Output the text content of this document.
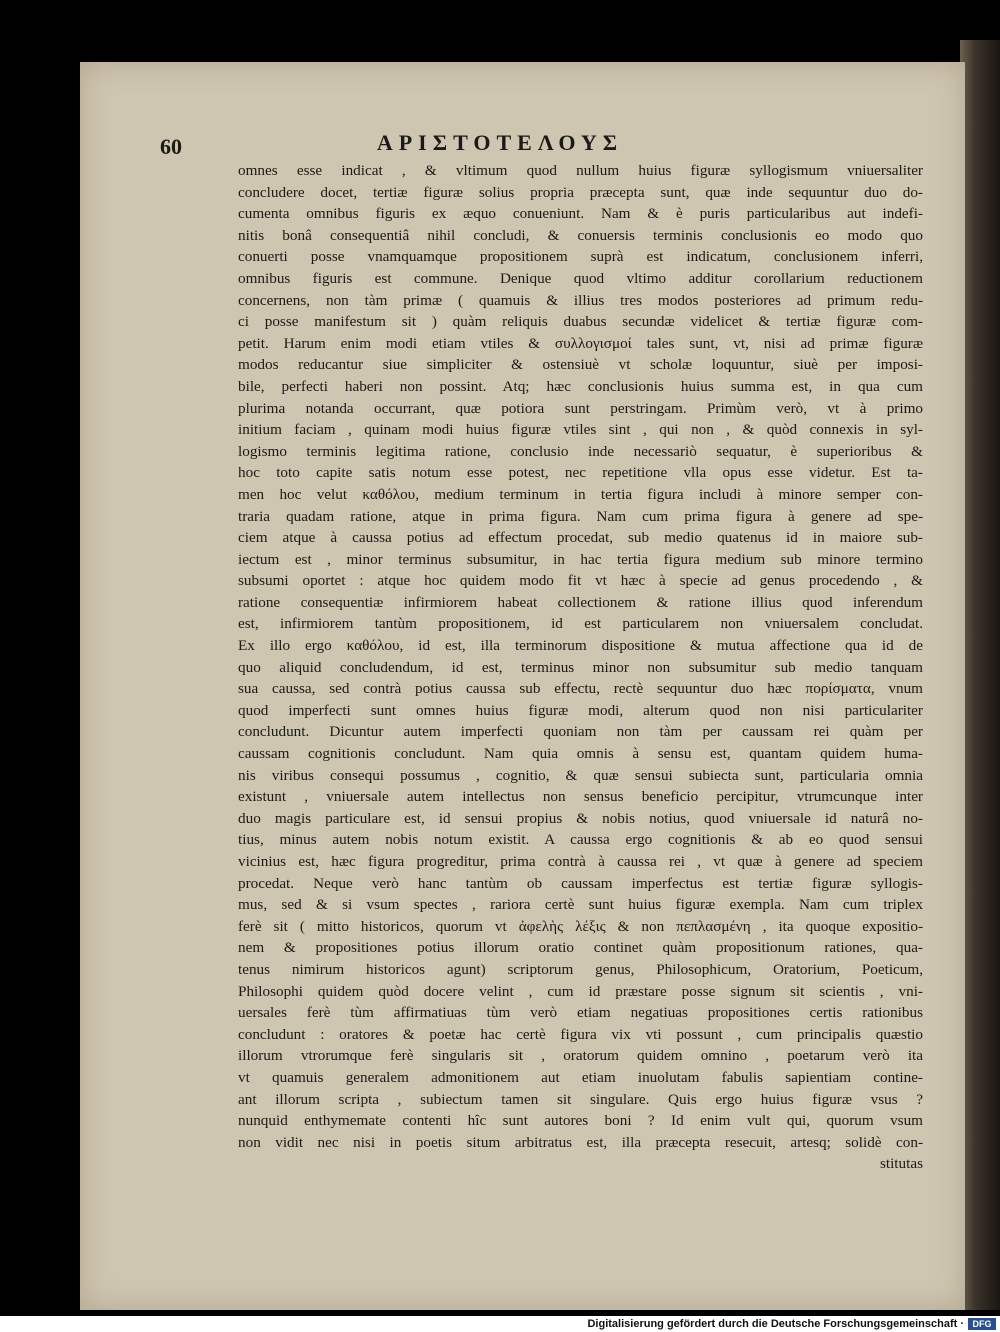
60	ΑΡΙΣΤΟΤΕΛΟΥΣ
omnes esse indicat , & vltimum quod nullum huius figuræ syllogismum vniuersaliter
concludere docet, tertiæ figuræ solius propria præcepta sunt, quæ inde sequuntur duo do-
cumenta omnibus figuris ex æquo conueniunt. Nam & è puris particularibus aut indefi-
nitis bonâ consequentiâ nihil concludi, & conuersis terminis conclusionis eo modo quo
conuerti posse vnamquamque propositionem suprà est indicatum, conclusionem inferri,
omnibus figuris est commune. Denique quod vltimo additur corollarium reductionem
concernens, non tàm primæ ( quamuis & illius tres modos posteriores ad primum redu-
ci posse manifestum sit ) quàm reliquis duabus secundæ videlicet & tertiæ figuræ com-
petit. Harum enim modi etiam vtiles & συλλογισμοί tales sunt, vt, nisi ad primæ figuræ
modos reducantur siue simpliciter & ostensiuè vt scholæ loquuntur, siuè per imposi-
bile, perfecti haberi non possint. Atq; hæc conclusionis huius summa est, in qua cum
plurima notanda occurrant, quæ potiora sunt perstringam. Primùm verò, vt à primo
initium faciam , quinam modi huius figuræ vtiles sint , qui non , & quòd connexis in syl-
logismo terminis legitima ratione, conclusio inde necessariò sequatur, è superioribus &
hoc toto capite satis notum esse potest, nec repetitione vlla opus esse videtur. Est ta-
men hoc velut καθόλου, medium terminum in tertia figura includi à minore semper con-
traria quadam ratione, atque in prima figura. Nam cum prima figura à genere ad spe-
ciem atque à caussa potius ad effectum procedat, sub medio quatenus id in maiore sub-
iectum est , minor terminus subsumitur, in hac tertia figura medium sub minore termino
subsumi oportet : atque hoc quidem modo fit vt hæc à specie ad genus procedendo , &
ratione consequentiæ infirmiorem habeat collectionem & ratione illius quod inferendum
est, infirmiorem tantùm propositionem, id est particularem non vniuersalem concludat.
Ex illo ergo καθόλου, id est, illa terminorum dispositione & mutua affectione qua id de
quo aliquid concludendum, id est, terminus minor non subsumitur sub medio tanquam
sua caussa, sed contrà potius caussa sub effectu, rectè sequuntur duo hæc πορίσματα, vnum
quod imperfecti sunt omnes huius figuræ modi, alterum quod non nisi particulariter
concludunt. Dicuntur autem imperfecti quoniam non tàm per caussam rei quàm per
caussam cognitionis concludunt. Nam quia omnis à sensu est, quantam quidem huma-
nis viribus consequi possumus , cognitio, & quæ sensui subiecta sunt, particularia omnia
existunt , vniuersale autem intellectus non sensus beneficio percipitur, vtrumcunque inter
duo magis particulare est, id sensui propius & nobis notius, quod vniuersale id naturâ no-
tius, minus autem nobis notum existit. A caussa ergo cognitionis & ab eo quod sensui
vicinius est, hæc figura progreditur, prima contrà à caussa rei , vt quæ à genere ad speciem
procedat. Neque verò hanc tantùm ob caussam imperfectus est tertiæ figuræ syllogis-
mus, sed & si vsum spectes , rariora certè sunt huius figuræ exempla. Nam cum triplex
ferè sit ( mitto historicos, quorum vt ἀφελὴς λέξις & non πεπλασμένη , ita quoque expositio-
nem & propositiones potius illorum oratio continet quàm propositionum rationes, qua-
tenus nimirum historicos agunt) scriptorum genus, Philosophicum, Oratorium, Poeticum,
Philosophi quidem quòd docere velint , cum id præstare posse signum sit scientis , vni-
uersales ferè tùm affirmatiuas tùm verò etiam negatiuas propositiones certis rationibus
concludunt : oratores & poetæ hac certè figura vix vti possunt , cum principalis quæstio
illorum vtrorumque ferè singularis sit , oratorum quidem omnino , poetarum verò ita
vt quamuis generalem admonitionem aut etiam inuolutam fabulis sapientiam contine-
ant illorum scripta , subiectum tamen sit singulare. Quis ergo huius figuræ vsus ?
nunquid enthymemate contenti hîc sunt autores boni ? Id enim vult qui, quorum vsum
non vidit nec nisi in poetis situm arbitratus est, illa præcepta resecuit, artesq; solidè con-
stitutas
Digitalisierung gefördert durch die Deutsche Forschungsgemeinschaft · DFG
